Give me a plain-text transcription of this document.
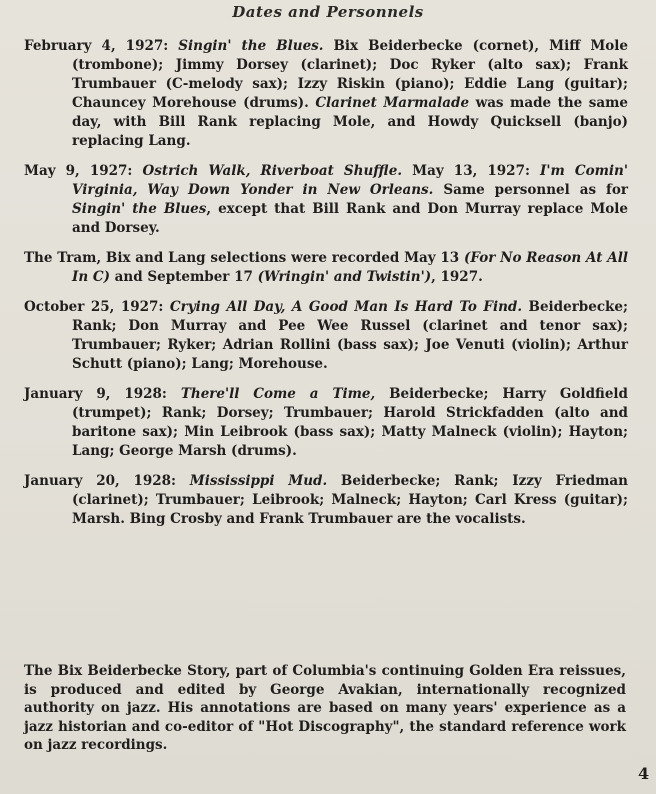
Dates and Personnels

February 4, 1927: Singin' the Blues. Bix Beiderbecke (cornet), Miff Mole (trombone); Jimmy Dorsey (clarinet); Doc Ryker (alto sax); Frank Trumbauer (C-melody sax); Izzy Riskin (piano); Eddie Lang (guitar); Chauncey Morehouse (drums). Clarinet Marmalade was made the same day, with Bill Rank replacing Mole, and Howdy Quicksell (banjo) replacing Lang.

May 9, 1927: Ostrich Walk, Riverboat Shuffle. May 13, 1927: I'm Comin' Virginia, Way Down Yonder in New Orleans. Same personnel as for Singin' the Blues, except that Bill Rank and Don Murray replace Mole and Dorsey.

The Tram, Bix and Lang selections were recorded May 13 (For No Reason At All In C) and September 17 (Wringin' and Twistin'), 1927.

October 25, 1927: Crying All Day, A Good Man Is Hard To Find. Beiderbecke; Rank; Don Murray and Pee Wee Russel (clarinet and tenor sax); Trumbauer; Ryker; Adrian Rollini (bass sax); Joe Venuti (violin); Arthur Schutt (piano); Lang; Morehouse.

January 9, 1928: There'll Come a Time, Beiderbecke; Harry Goldfield (trumpet); Rank; Dorsey; Trumbauer; Harold Strickfadden (alto and baritone sax); Min Leibrook (bass sax); Matty Malneck (violin); Hayton; Lang; George Marsh (drums).

January 20, 1928: Mississippi Mud. Beiderbecke; Rank; Izzy Friedman (clarinet); Trumbauer; Leibrook; Malneck; Hayton; Carl Kress (guitar); Marsh. Bing Crosby and Frank Trumbauer are the vocalists.

The Bix Beiderbecke Story, part of Columbia's continuing Golden Era reissues, is produced and edited by George Avakian, internationally recognized authority on jazz. His annotations are based on many years' experience as a jazz historian and co-editor of "Hot Discography", the standard reference work on jazz recordings.

4
